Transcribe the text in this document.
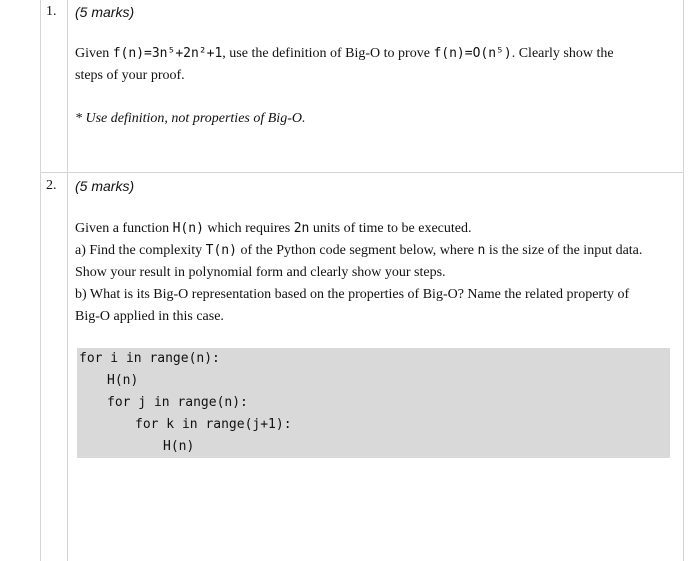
1. (5 marks)
Given f(n)=3n⁵+2n²+1, use the definition of Big-O to prove f(n)=O(n⁵). Clearly show the
steps of your proof.
* Use definition, not properties of Big-O.
2. (5 marks)
Given a function H(n) which requires 2n units of time to be executed.
a) Find the complexity T(n) of the Python code segment below, where n is the size of the input data.
Show your result in polynomial form and clearly show your steps.
b) What is its Big-O representation based on the properties of Big-O? Name the related property of
Big-O applied in this case.
for i in range(n):
H(n)
for j in range(n):
for k in range(j+1):
H(n)
